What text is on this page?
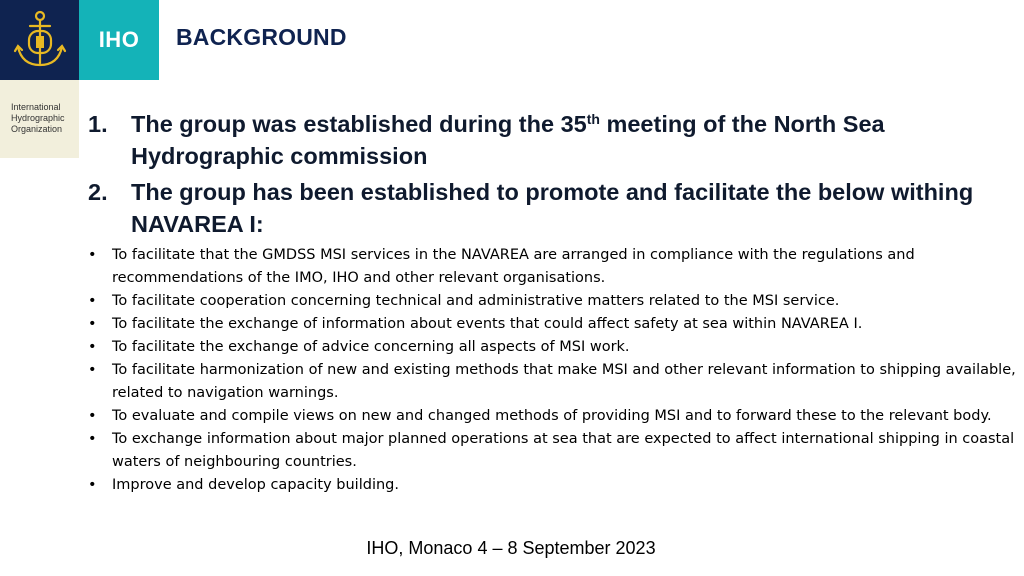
IHO
International
Hydrographic
Organization
BACKGROUND
1. The group was established during the 35th meeting of the North Sea Hydrographic commission
2. The group has been established to promote and facilitate the below withing NAVAREA I:
• To facilitate that the GMDSS MSI services in the NAVAREA are arranged in compliance with the regulations and recommendations of the IMO, IHO and other relevant organisations.
• To facilitate cooperation concerning technical and administrative matters related to the MSI service.
• To facilitate the exchange of information about events that could affect safety at sea within NAVAREA I.
• To facilitate the exchange of advice concerning all aspects of MSI work.
• To facilitate harmonization of new and existing methods that make MSI and other relevant information to shipping available, related to navigation warnings.
• To evaluate and compile views on new and changed methods of providing MSI and to forward these to the relevant body.
• To exchange information about major planned operations at sea that are expected to affect international shipping in coastal waters of neighbouring countries.
• Improve and develop capacity building.
IHO, Monaco 4 – 8 September 2023
